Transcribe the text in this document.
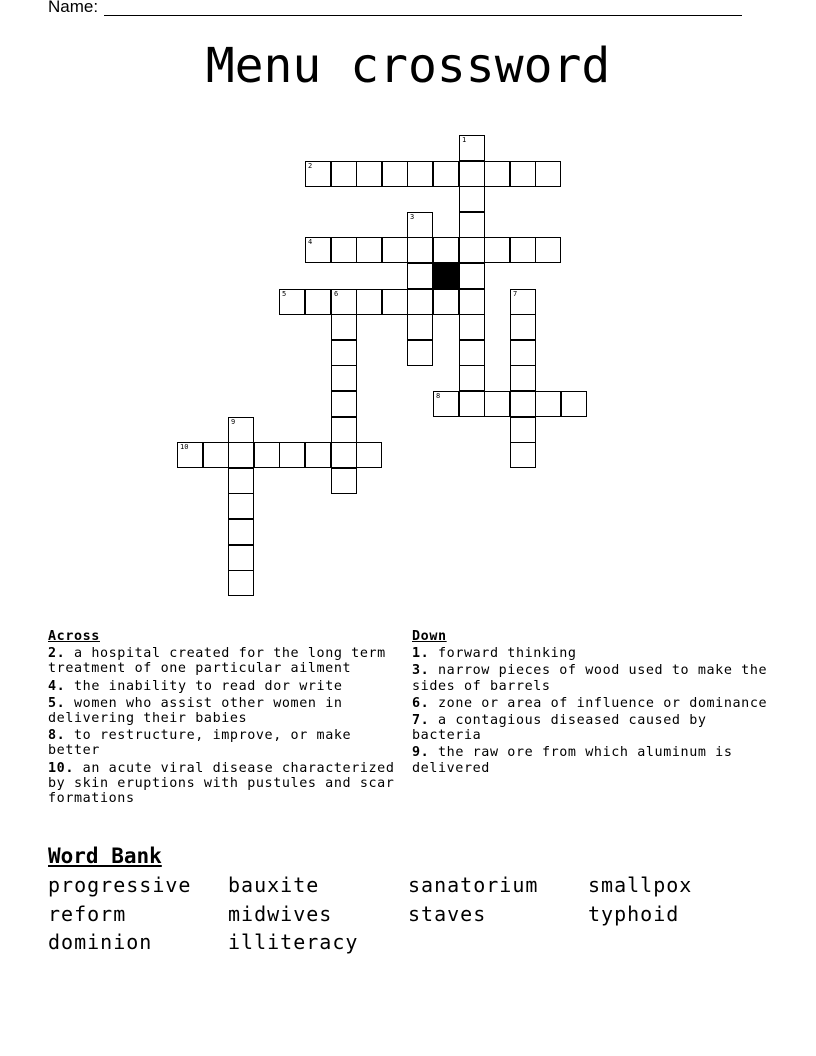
Name:
Menu crossword
1
2
3
4
5	6	7
8
9
10
Across
2. a hospital created for the long term treatment of one particular ailment
4. the inability to read dor write
5. women who assist other women in delivering their babies
8. to restructure, improve, or make better
10. an acute viral disease characterized by skin eruptions with pustules and scar formations
Down
1. forward thinking
3. narrow pieces of wood used to make the sides of barrels
6. zone or area of influence or dominance
7. a contagious diseased caused by bacteria
9. the raw ore from which aluminum is delivered
Word Bank
progressive	bauxite	sanatorium	smallpox
reform	midwives	staves	typhoid
dominion	illiteracy
